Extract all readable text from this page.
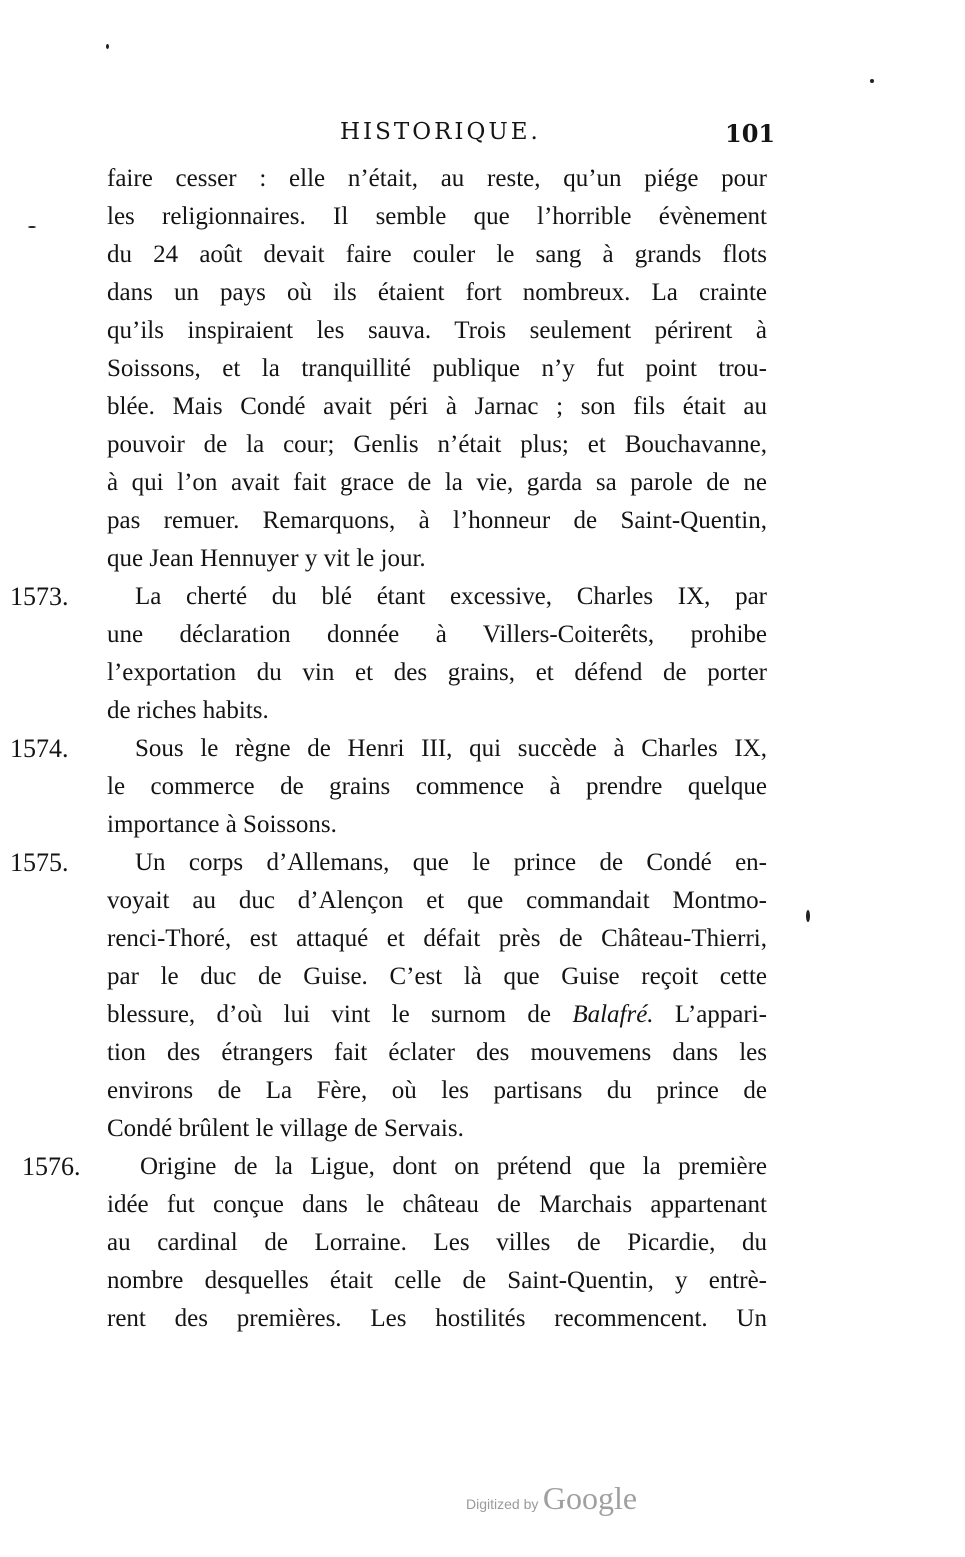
HISTORIQUE.	101
faire cesser : elle n’était, au reste, qu’un piége pour
les religionnaires. Il semble que l’horrible évènement
du 24 août devait faire couler le sang à grands flots
dans un pays où ils étaient fort nombreux. La crainte
qu’ils inspiraient les sauva. Trois seulement périrent à
Soissons, et la tranquillité publique n’y fut point trou-
blée. Mais Condé avait péri à Jarnac ; son fils était au
pouvoir de la cour; Genlis n’était plus; et Bouchavanne,
à qui l’on avait fait grace de la vie, garda sa parole de ne
pas remuer. Remarquons, à l’honneur de Saint-Quentin,
que Jean Hennuyer y vit le jour.
1573.	La cherté du blé étant excessive, Charles IX, par
une déclaration donnée à Villers-Coiterêts, prohibe
l’exportation du vin et des grains, et défend de porter
de riches habits.
1574.	Sous le règne de Henri III, qui succède à Charles IX,
le commerce de grains commence à prendre quelque
importance à Soissons.
1575.	Un corps d’Allemans, que le prince de Condé en-
voyait au duc d’Alençon et que commandait Montmo-
renci-Thoré, est attaqué et défait près de Château-Thierri,
par le duc de Guise. C’est là que Guise reçoit cette
blessure, d’où lui vint le surnom de Balafré. L’appari-
tion des étrangers fait éclater des mouvemens dans les
environs de La Fère, où les partisans du prince de
Condé brûlent le village de Servais.
1576.	Origine de la Ligue, dont on prétend que la première
idée fut conçue dans le château de Marchais appartenant
au cardinal de Lorraine. Les villes de Picardie, du
nombre desquelles était celle de Saint-Quentin, y entrè-
rent des premières. Les hostilités recommencent. Un
Digitized by Google
